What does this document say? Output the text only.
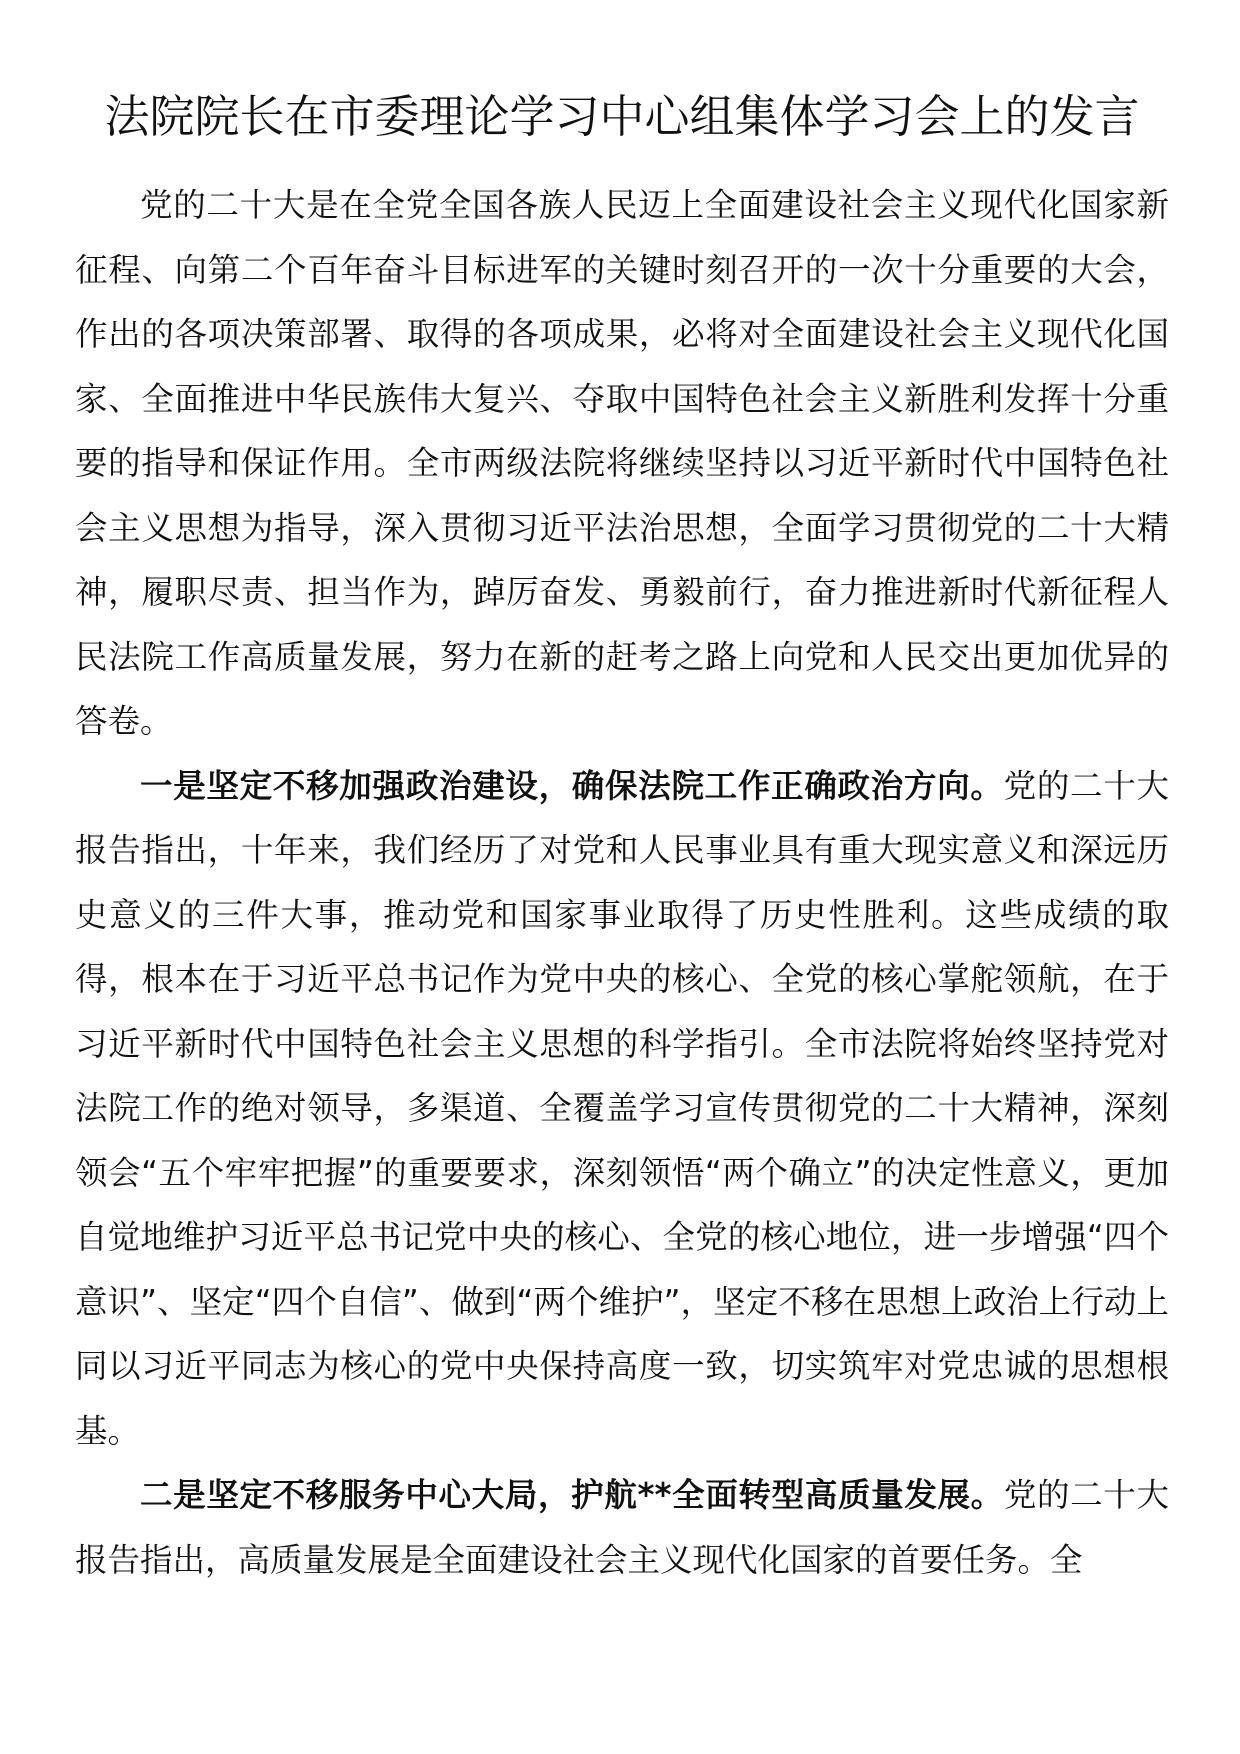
法院院长在市委理论学习中心组集体学习会上的发言

党的二十大是在全党全国各族人民迈上全面建设社会主义现代化国家新征程、向第二个百年奋斗目标进军的关键时刻召开的一次十分重要的大会，作出的各项决策部署、取得的各项成果，必将对全面建设社会主义现代化国家、全面推进中华民族伟大复兴、夺取中国特色社会主义新胜利发挥十分重要的指导和保证作用。全市两级法院将继续坚持以习近平新时代中国特色社会主义思想为指导，深入贯彻习近平法治思想，全面学习贯彻党的二十大精神，履职尽责、担当作为，踔厉奋发、勇毅前行，奋力推进新时代新征程人民法院工作高质量发展，努力在新的赶考之路上向党和人民交出更加优异的答卷。

一是坚定不移加强政治建设，确保法院工作正确政治方向。党的二十大报告指出，十年来，我们经历了对党和人民事业具有重大现实意义和深远历史意义的三件大事，推动党和国家事业取得了历史性胜利。这些成绩的取得，根本在于习近平总书记作为党中央的核心、全党的核心掌舵领航，在于习近平新时代中国特色社会主义思想的科学指引。全市法院将始终坚持党对法院工作的绝对领导，多渠道、全覆盖学习宣传贯彻党的二十大精神，深刻领会“五个牢牢把握”的重要要求，深刻领悟“两个确立”的决定性意义，更加自觉地维护习近平总书记党中央的核心、全党的核心地位，进一步增强“四个意识”、坚定“四个自信”、做到“两个维护”，坚定不移在思想上政治上行动上同以习近平同志为核心的党中央保持高度一致，切实筑牢对党忠诚的思想根基。

二是坚定不移服务中心大局，护航**全面转型高质量发展。党的二十大报告指出，高质量发展是全面建设社会主义现代化国家的首要任务。全
